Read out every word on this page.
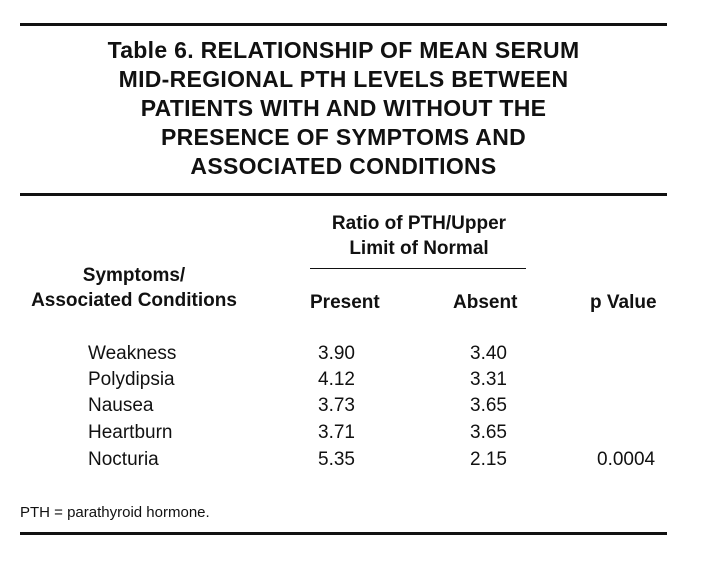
Table 6. RELATIONSHIP OF MEAN SERUM
MID-REGIONAL PTH LEVELS BETWEEN
PATIENTS WITH AND WITHOUT THE
PRESENCE OF SYMPTOMS AND
ASSOCIATED CONDITIONS
Ratio of PTH/Upper
Limit of Normal
Symptoms/
Associated Conditions	Present	Absent	p Value
Weakness	3.90	3.40
Polydipsia	4.12	3.31
Nausea	3.73	3.65
Heartburn	3.71	3.65
Nocturia	5.35	2.15	0.0004
PTH = parathyroid hormone.
